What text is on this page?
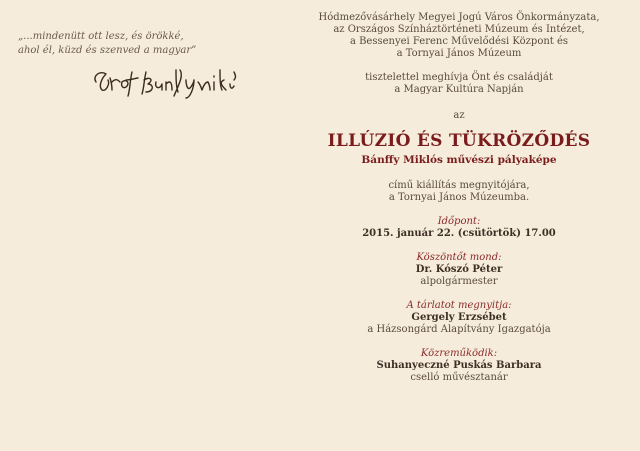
„...mindenütt ott lesz, és örökké,
ahol él, küzd és szenved a magyar”
Hódmezővásárhely Megyei Jogú Város Önkormányzata,
az Országos Színháztörténeti Múzeum és Intézet,
a Bessenyei Ferenc Művelődési Központ és
a Tornyai János Múzeum
tisztelettel meghívja Önt és családját
a Magyar Kultúra Napján
az
ILLÚZIÓ ÉS TÜKRÖZŐDÉS
Bánffy Miklós művészi pályaképe
című kiállítás megnyitójára,
a Tornyai János Múzeumba.
Időpont:
2015. január 22. (csütörtök) 17.00
Köszöntőt mond:
Dr. Kószó Péter
alpolgármester
A tárlatot megnyitja:
Gergely Erzsébet
a Házsongárd Alapítvány Igazgatója
Közreműködik:
Suhanyeczné Puskás Barbara
cselló művésztanár
